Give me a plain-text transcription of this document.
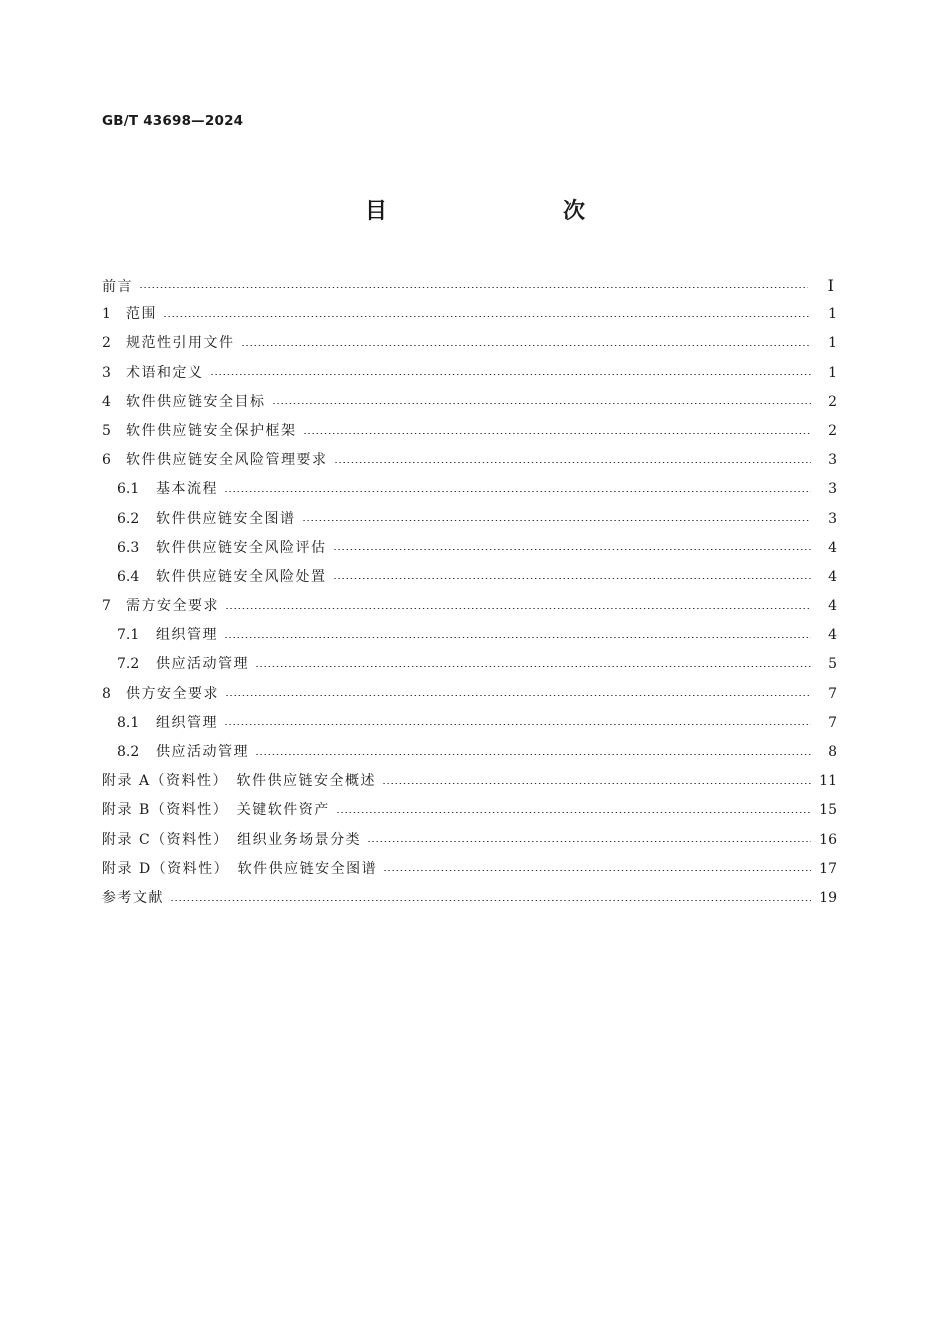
GB/T 43698—2024
目　　次
前言	I
1	范围	1
2	规范性引用文件	1
3	术语和定义	1
4	软件供应链安全目标	2
5	软件供应链安全保护框架	2
6	软件供应链安全风险管理要求	3
6.1	基本流程	3
6.2	软件供应链安全图谱	3
6.3	软件供应链安全风险评估	4
6.4	软件供应链安全风险处置	4
7	需方安全要求	4
7.1	组织管理	4
7.2	供应活动管理	5
8	供方安全要求	7
8.1	组织管理	7
8.2	供应活动管理	8
附录 A（资料性）　软件供应链安全概述	11
附录 B（资料性）　关键软件资产	15
附录 C（资料性）　组织业务场景分类	16
附录 D（资料性）　软件供应链安全图谱	17
参考文献	19
